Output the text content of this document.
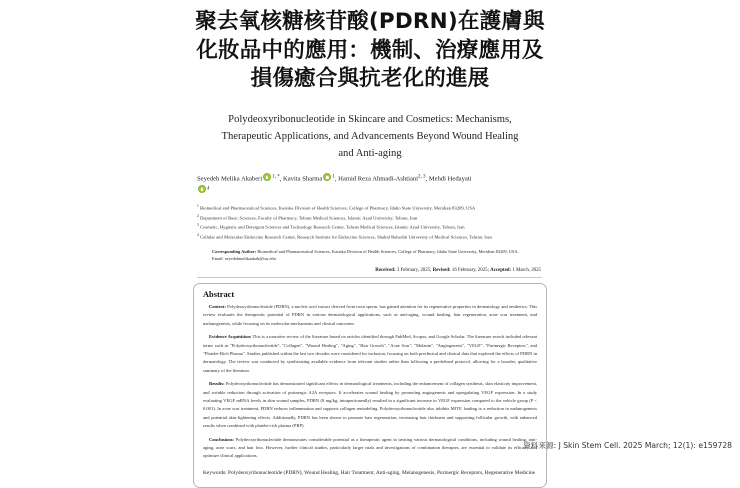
聚去氧核糖核苷酸(PDRN)在護膚與
化妝品中的應用：機制、治療應用及
損傷癒合與抗老化的進展
Polydeoxyribonucleotide in Skincare and Cosmetics: Mechanisms,
Therapeutic Applications, and Advancements Beyond Wound Healing
and Anti-aging
Seyedeh Melika Akaberi $^{1, *}$, Kavita Sharma $^1$, Hamid Reza Ahmadi-Ashtiani$^{2, 3}$, Mehdi Hedayati
$^4$
$^1$ Biomedical and Pharmaceutical Sciences, Kasiska Division of Health Sciences, College of Pharmacy, Idaho State University, Meridian 83209, USA
$^2$ Department of Basic Sciences, Faculty of Pharmacy, Tehran Medical Sciences, Islamic Azad University, Tehran, Iran
$^3$ Cosmetic, Hygienic and Detergent Sciences and Technology Research Center, Tehran Medical Sciences, Islamic Azad University, Tehran, Iran
$^4$ Cellular and Molecular Endocrine Research Center, Research Institute for Endocrine Sciences, Shahid Beheshti University of Medical Sciences, Tehran, Iran
Corresponding Author: Biomedical and Pharmaceutical Sciences, Kasiska Division of Health Sciences, College of Pharmacy, Idaho State University, Meridian 83209, USA.
Email: seyedehmelikaakab@isu.edu
Received: 3 February, 2025; Revised: 16 February, 2025; Accepted: 1 March, 2025
Abstract

Context: Polydeoxyribonucleotide (PDRN), a nucleic acid extract derived from trout sperm, has gained attention for its regenerative properties in dermatology and aesthetics. This review evaluates the therapeutic potential of PDRN in various dermatological applications, such as anti-aging, wound healing, hair regeneration, acne scar treatment, and melanogenesis, while focusing on its molecular mechanisms and clinical outcomes.

Evidence Acquisition: This is a narrative review of the literature based on articles identified through PubMed, Scopus, and Google Scholar. The literature search included relevant terms such as "Polydeoxyribonucleotide", "Collagen", "Wound Healing", "Aging", "Hair Growth", "Acne Scar", "Melanin", "Angiogenesis", "VEGF", "Purinergic Receptors", and "Platelet-Rich Plasma". Studies published within the last two decades were considered for inclusion, focusing on both preclinical and clinical data that explored the effects of PDRN in dermatology. The review was conducted by synthesizing available evidence from relevant studies rather than following a predefined protocol, allowing for a broader, qualitative summary of the literature.

Results: Polydeoxyribonucleotide has demonstrated significant effects in dermatological treatments, including the enhancement of collagen synthesis, skin elasticity improvement, and wrinkle reduction through activation of purinergic A2A receptors. It accelerates wound healing by promoting angiogenesis and upregulating VEGF expression. In a study evaluating VEGF mRNA levels in skin wound samples, PDRN (8 mg/kg, intraperitoneally) resulted in a significant increase in VEGF expression compared to the vehicle group (P < 0.001). In acne scar treatment, PDRN reduces inflammation and supports collagen remodeling. Polydeoxyribonucleotide also inhibits MITF, leading to a reduction in melanogenesis and potential skin-lightening effects. Additionally, PDRN has been shown to promote hair regeneration, increasing hair thickness and supporting follicular growth, with enhanced results when combined with platelet-rich plasma (PRP).

Conclusions: Polydeoxyribonucleotide demonstrates considerable potential as a therapeutic agent in treating various dermatological conditions, including wound healing, anti-aging, acne scars, and hair loss. However, further clinical studies, particularly larger trials and investigations of combination therapies, are essential to validate its efficacy and optimize clinical applications.

Keywords: Polydeoxyribonucleotide (PDRN), Wound Healing, Hair Treatment, Anti-aging, Melanogenesis, Purinergic Receptors, Regenerative Medicine

資料來源: J Skin Stem Cell. 2025 March; 12(1): e159728
